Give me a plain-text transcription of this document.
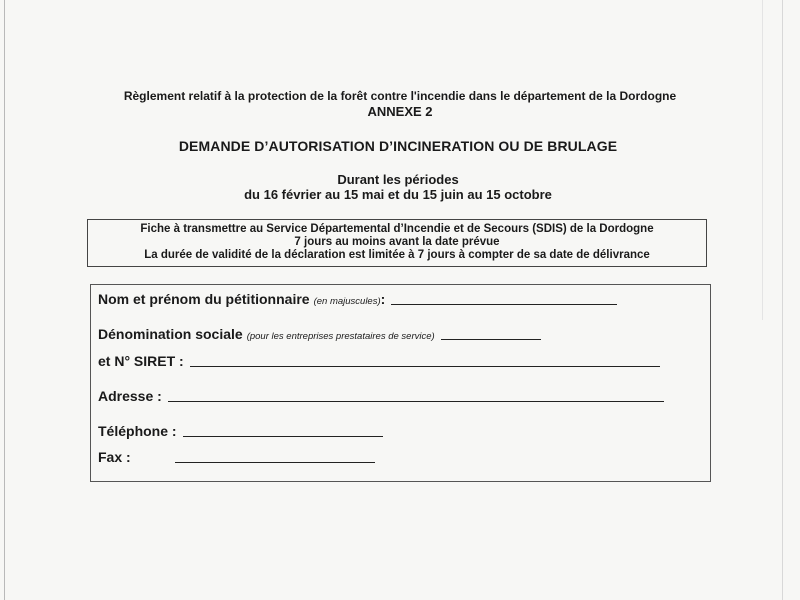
Règlement relatif à la protection de la forêt contre l'incendie dans le département de la Dordogne
ANNEXE 2
DEMANDE D’AUTORISATION D’INCINERATION OU DE BRULAGE
Durant les périodes
du 16 février au 15 mai et du 15 juin au 15 octobre
Fiche à transmettre au Service Départemental d’Incendie et de Secours (SDIS) de la Dordogne
7 jours au moins avant la date prévue
La durée de validité de la déclaration est limitée à 7 jours à compter de sa date de délivrance
Nom et prénom du pétitionnaire (en majuscules) :
Dénomination sociale (pour les entreprises prestataires de service)
et N° SIRET :
Adresse :
Téléphone :
Fax :
